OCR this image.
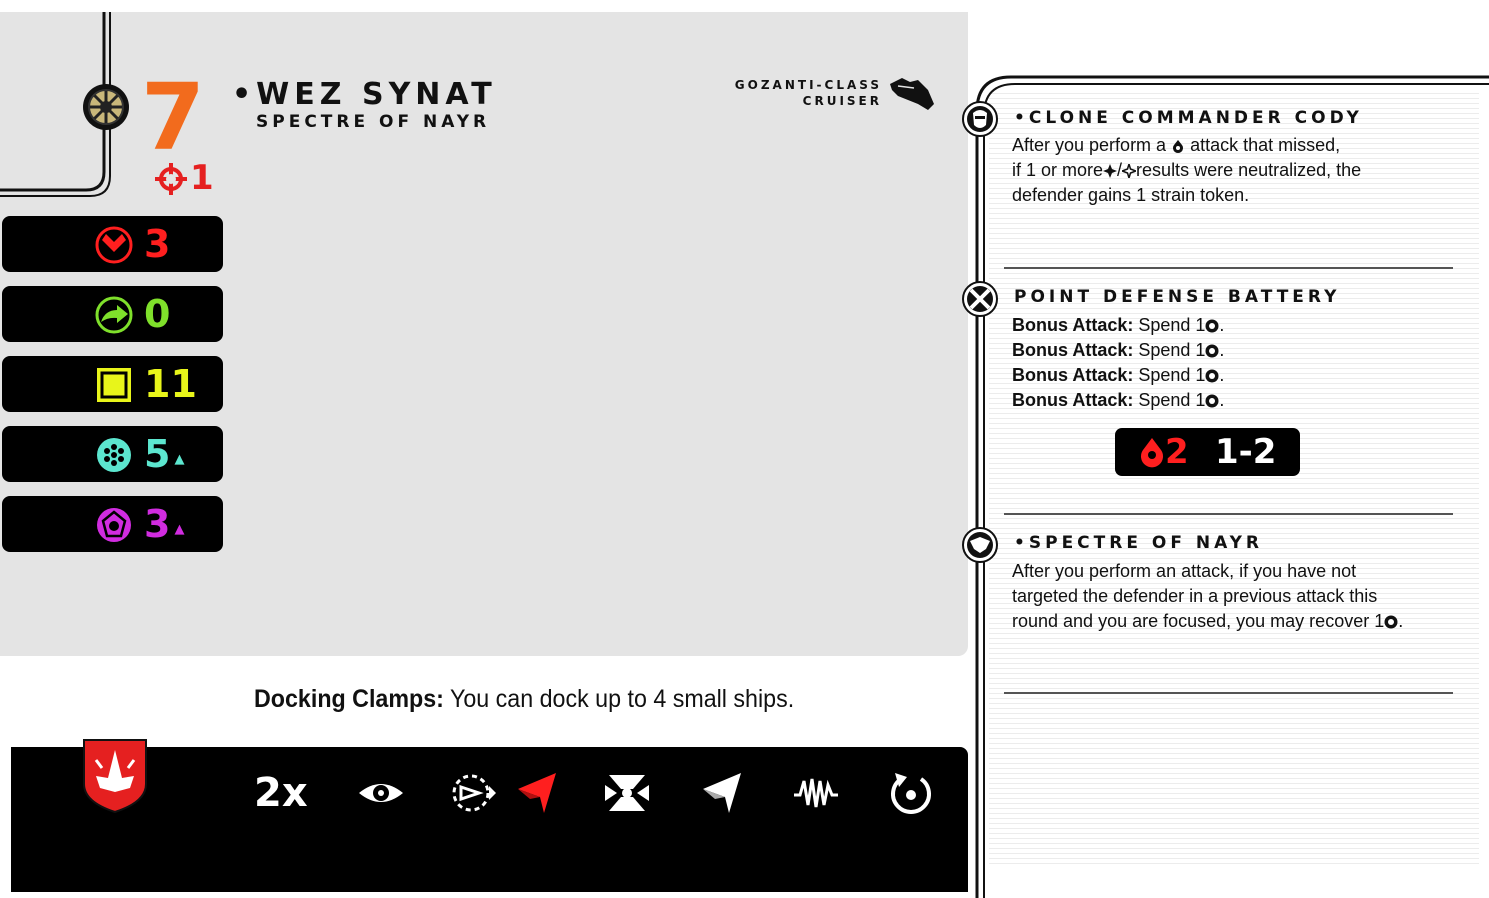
7
1
•WEZ SYNAT
SPECTRE OF NAYR
GOZANTI-CLASS
CRUISER
3
0
11
5 ▲
3 ▲
Docking Clamps: You can dock up to 4 small ships.
2x
•CLONE COMMANDER CODY
After you perform a  attack that missed,
if 1 or more / results were neutralized, the
defender gains 1 strain token.
POINT DEFENSE BATTERY
Bonus Attack: Spend 1 .
Bonus Attack: Spend 1 .
Bonus Attack: Spend 1 .
Bonus Attack: Spend 1 .
2 1-2
•SPECTRE OF NAYR
After you perform an attack, if you have not targeted the defender in a previous attack this round and you are focused, you may recover 1 .
